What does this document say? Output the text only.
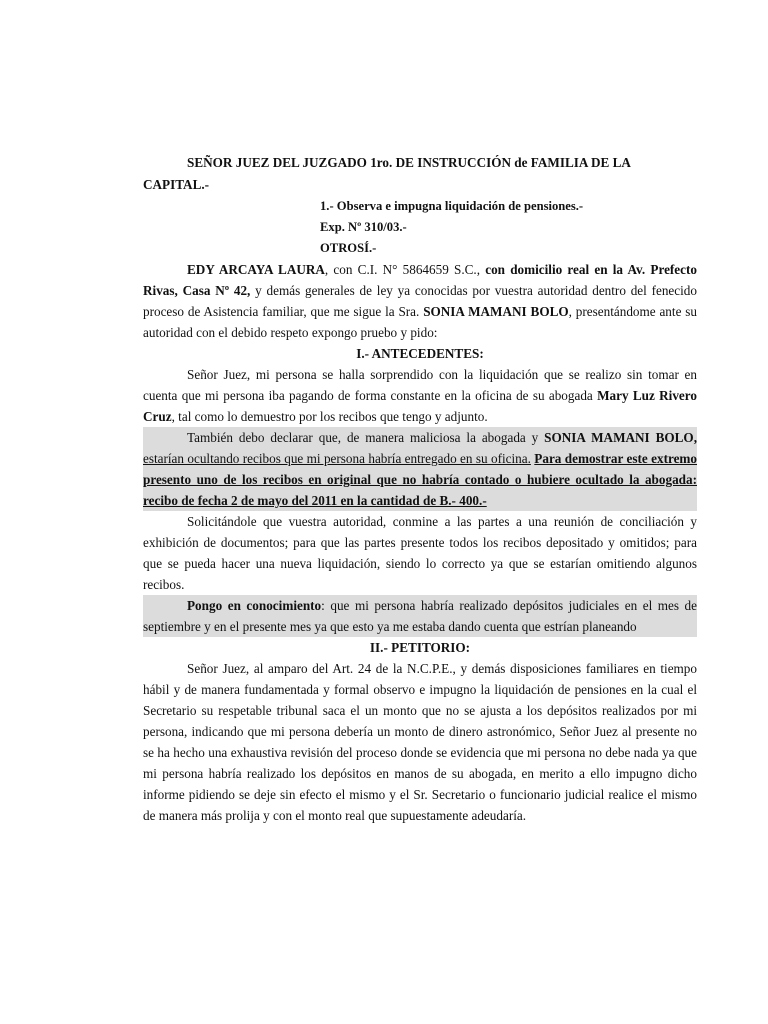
SEÑOR JUEZ DEL JUZGADO 1ro. DE INSTRUCCIÓN de FAMILIA DE LA CAPITAL.-

1.- Observa e impugna liquidación de pensiones.-
Exp. Nº 310/03.-
OTROSÍ.-

EDY ARCAYA LAURA, con C.I. N° 5864659 S.C., con domicilio real en la Av. Prefecto Rivas, Casa Nº 42, y demás generales de ley ya conocidas por vuestra autoridad dentro del fenecido proceso de Asistencia familiar, que me sigue la Sra. SONIA MAMANI BOLO, presentándome ante su autoridad con el debido respeto expongo pruebo y pido:

I.- ANTECEDENTES:

Señor Juez, mi persona se halla sorprendido con la liquidación que se realizo sin tomar en cuenta que mi persona iba pagando de forma constante en la oficina de su abogada Mary Luz Rivero Cruz, tal como lo demuestro por los recibos que tengo y adjunto.

También debo declarar que, de manera maliciosa la abogada y SONIA MAMANI BOLO, estarían ocultando recibos que mi persona habría entregado en su oficina. Para demostrar este extremo presento uno de los recibos en original que no habría contado o hubiere ocultado la abogada: recibo de fecha 2 de mayo del 2011 en la cantidad de B.- 400.-

Solicitándole que vuestra autoridad, conmine a las partes a una reunión de conciliación y exhibición de documentos; para que las partes presente todos los recibos depositado y omitidos; para que se pueda hacer una nueva liquidación, siendo lo correcto ya que se estarían omitiendo algunos recibos.

Pongo en conocimiento: que mi persona habría realizado depósitos judiciales en el mes de septiembre y en el presente mes ya que esto ya me estaba dando cuenta que estrían planeando

II.- PETITORIO:

Señor Juez, al amparo del Art. 24 de la N.C.P.E., y demás disposiciones familiares en tiempo hábil y de manera fundamentada y formal observo e impugno la liquidación de pensiones en la cual el Secretario su respetable tribunal saca el un monto que no se ajusta a los depósitos realizados por mi persona, indicando que mi persona debería un monto de dinero astronómico, Señor Juez al presente no se ha hecho una exhaustiva revisión del proceso donde se evidencia que mi persona no debe nada ya que mi persona habría realizado los depósitos en manos de su abogada, en merito a ello impugno dicho informe pidiendo se deje sin efecto el mismo y el Sr. Secretario o funcionario judicial realice el mismo de manera más prolija y con el monto real que supuestamente adeudaría.
